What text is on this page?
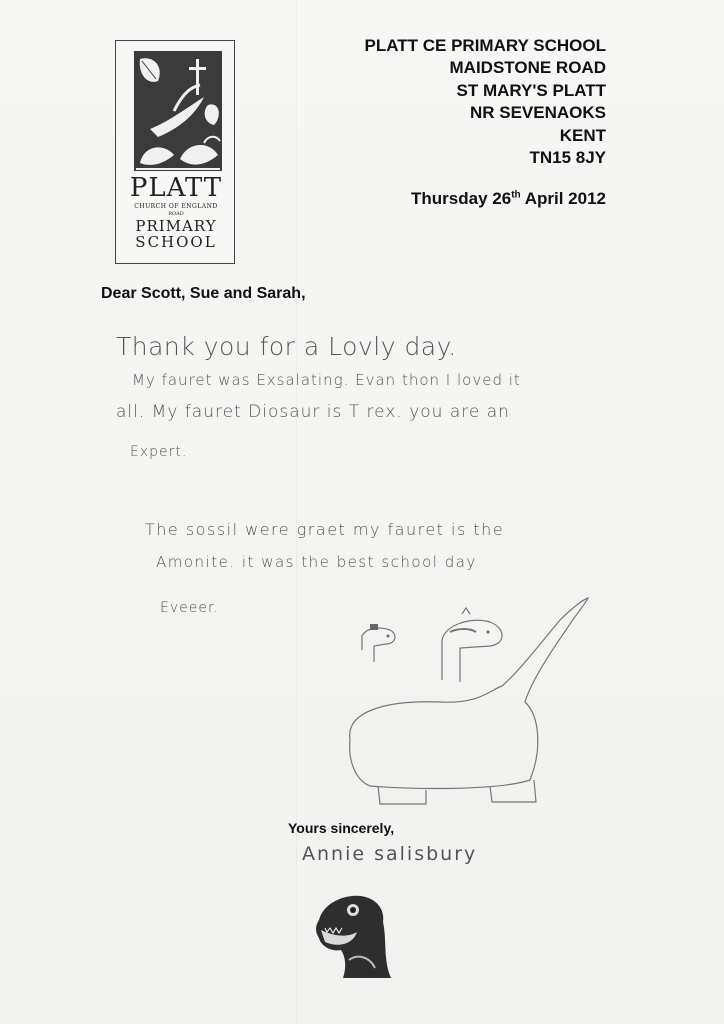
PLATT
CHURCH OF ENGLAND
ROAD
PRIMARY
SCHOOL
PLATT CE PRIMARY SCHOOL
MAIDSTONE ROAD
ST MARY'S PLATT
NR SEVENAOKS
KENT
TN15 8JY
Thursday 26th April 2012
Dear Scott, Sue and Sarah,
Thank you for a Lovly day.
My fauret was Exsalating. Evan thon I loved it
all. My fauret Diosaur is T rex. you are an
Expert.
The sossil were graet my fauret is the
Amonite. it was the best school day
Eveeer.
Yours sincerely,
Annie salisbury
